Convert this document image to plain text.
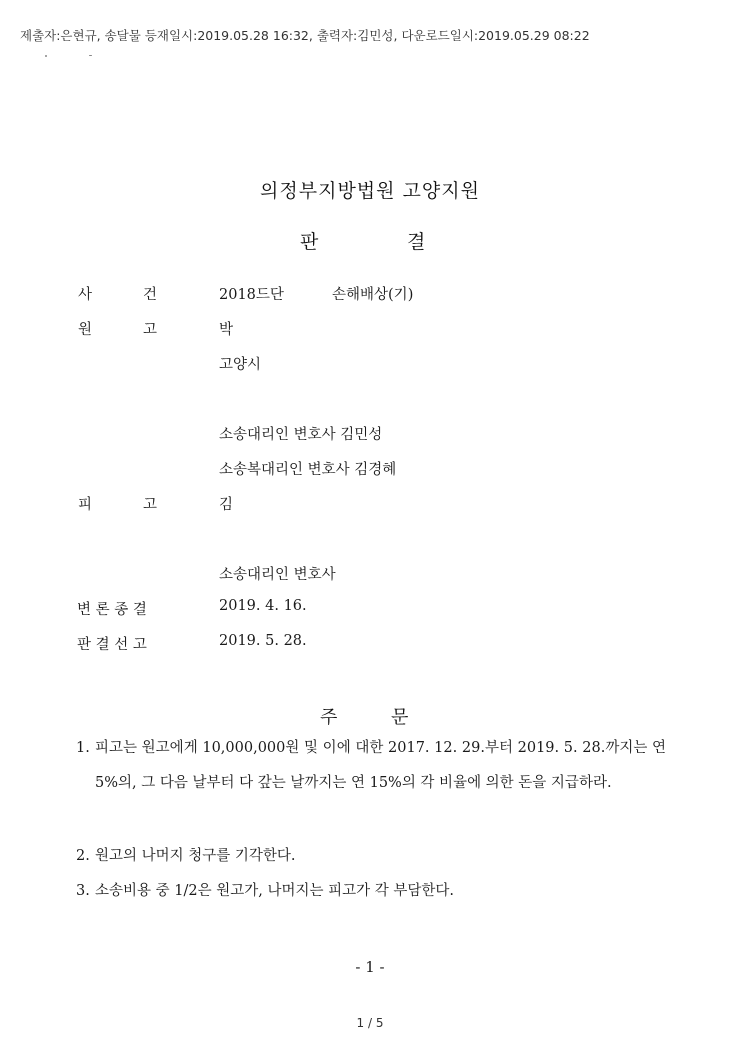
제출자:은현규, 송달물 등재일시:2019.05.28 16:32, 출력자:김민성, 다운로드일시:2019.05.29 08:22
의정부지방법원 고양지원
판	결
사	건	2018드단	손해배상(기)
원	고	박
고양시
소송대리인 변호사 김민성
소송복대리인 변호사 김경혜
피	고	김
소송대리인 변호사
변 론 종 결	2019. 4. 16.
판 결 선 고	2019. 5. 28.
주	문
1. 피고는 원고에게 10,000,000원 및 이에 대한 2017. 12. 29.부터 2019. 5. 28.까지는 연 5%의, 그 다음 날부터 다 갚는 날까지는 연 15%의 각 비율에 의한 돈을 지급하라.
2. 원고의 나머지 청구를 기각한다.
3. 소송비용 중 1/2은 원고가, 나머지는 피고가 각 부담한다.
- 1 -
1 / 5
